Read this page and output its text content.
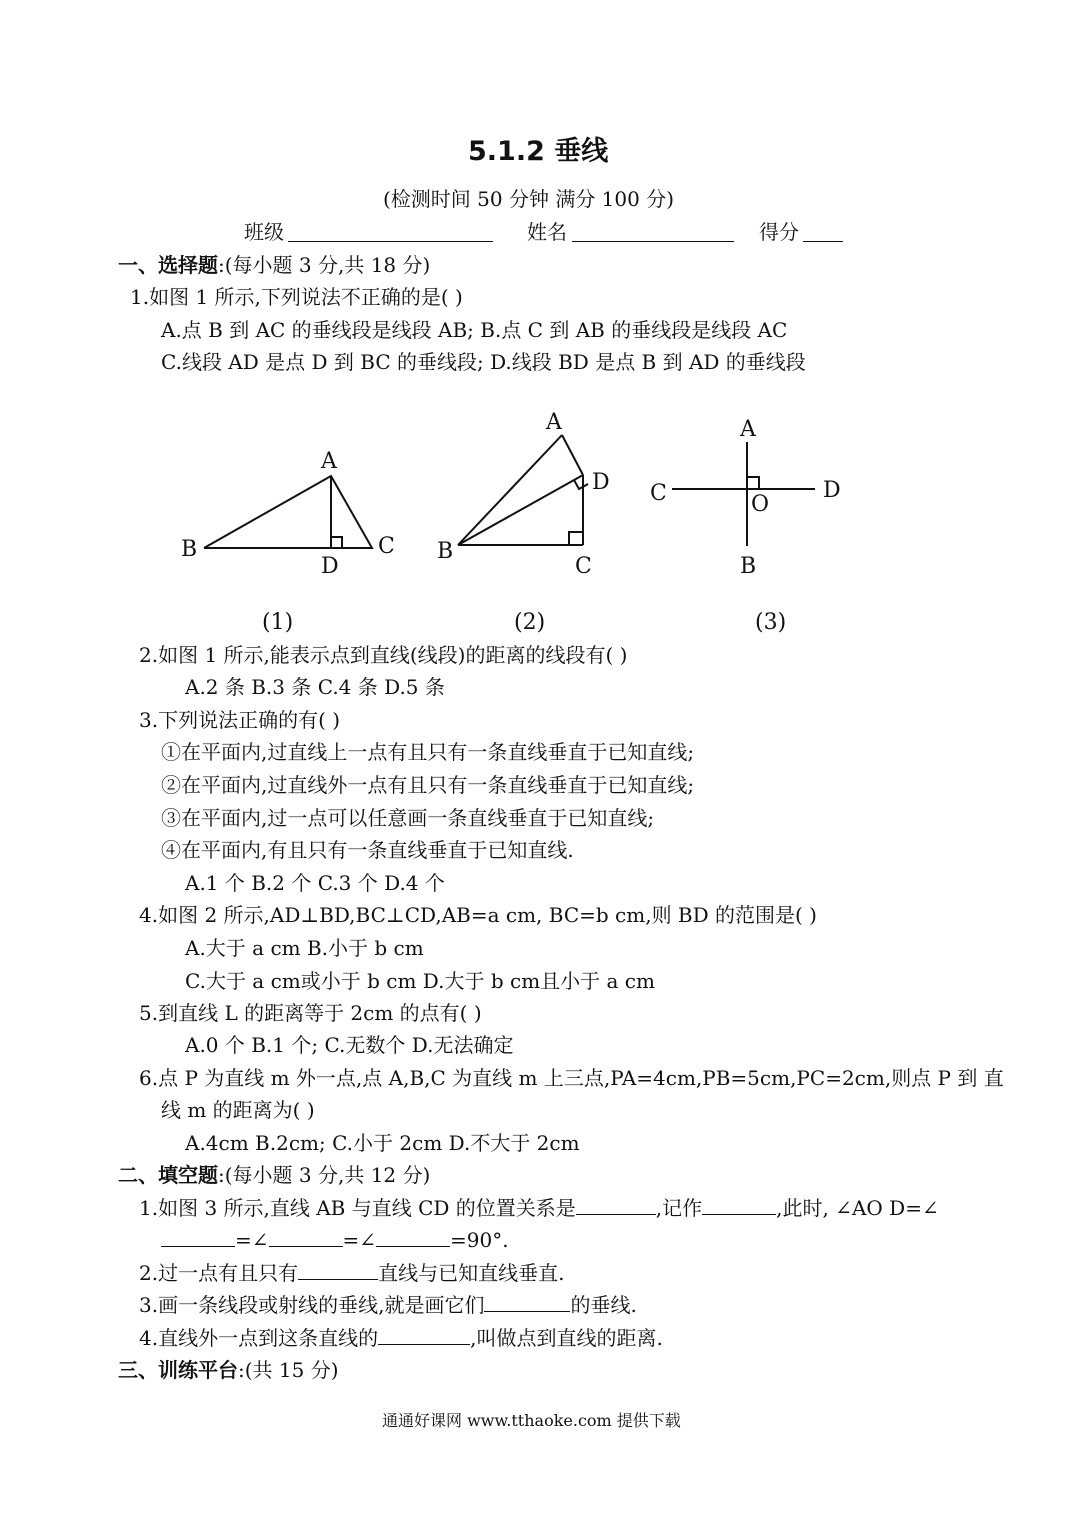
5.1.2 垂线
(检测时间 50 分钟 满分 100 分)
班级	姓名	得分
一、选择题:(每小题 3 分,共 18 分)
1.如图 1 所示,下列说法不正确的是( )
A.点 B 到 AC 的垂线段是线段 AB; B.点 C 到 AB 的垂线段是线段 AC
C.线段 AD 是点 D 到 BC 的垂线段; D.线段 BD 是点 B 到 AD 的垂线段
A
B	C
D
(1)
A
B
C
D
(2)
A
B
C	D
O
(3)
2.如图 1 所示,能表示点到直线(线段)的距离的线段有( )
A.2 条 B.3 条 C.4 条 D.5 条
3.下列说法正确的有( )
①在平面内,过直线上一点有且只有一条直线垂直于已知直线;
②在平面内,过直线外一点有且只有一条直线垂直于已知直线;
③在平面内,过一点可以任意画一条直线垂直于已知直线;
④在平面内,有且只有一条直线垂直于已知直线.
A.1 个 B.2 个 C.3 个 D.4 个
4.如图 2 所示,AD⊥BD,BC⊥CD,AB=a cm, BC=b cm,则 BD 的范围是( )
A.大于 a cm B.小于 b cm
C.大于 a cm或小于 b cm D.大于 b cm且小于 a cm
5.到直线 L 的距离等于 2cm 的点有( )
A.0 个 B.1 个; C.无数个 D.无法确定
6.点 P 为直线 m 外一点,点 A,B,C 为直线 m 上三点,PA=4cm,PB=5cm,PC=2cm,则点 P 到 直
线 m 的距离为( )
A.4cm B.2cm; C.小于 2cm D.不大于 2cm
二、填空题:(每小题 3 分,共 12 分)
1.如图 3 所示,直线 AB 与直线 CD 的位置关系是	,记作	,此时, ∠AO D=∠
=∠	=∠	=90°.
2.过一点有且只有	直线与已知直线垂直.
3.画一条线段或射线的垂线,就是画它们	的垂线.
4.直线外一点到这条直线的	,叫做点到直线的距离.
三、训练平台:(共 15 分)
通通好课网 www.tthaoke.com 提供下载
